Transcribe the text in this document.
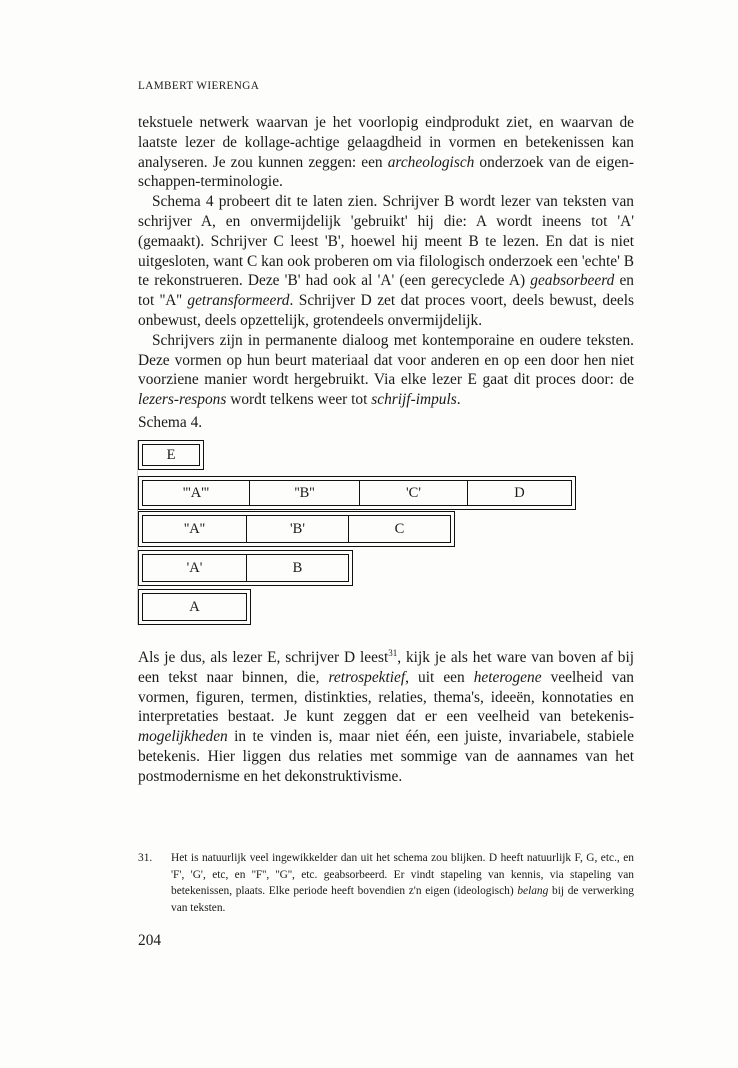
LAMBERT WIERENGA

tekstuele netwerk waarvan je het voorlopig eindprodukt ziet, en waarvan de laatste lezer de kollage-achtige gelaagdheid in vormen en betekenissen kan analyseren. Je zou kunnen zeggen: een archeologisch onderzoek van de eigen-schappen-terminologie.

Schema 4 probeert dit te laten zien. Schrijver B wordt lezer van teksten van schrijver A, en onvermijdelijk 'gebruikt' hij die: A wordt ineens tot 'A' (gemaakt). Schrijver C leest 'B', hoewel hij meent B te lezen. En dat is niet uitgesloten, want C kan ook proberen om via filologisch onderzoek een 'echte' B te rekonstrueren. Deze 'B' had ook al 'A' (een gerecyclede A) geabsorbeerd en tot ''A'' getransformeerd. Schrijver D zet dat proces voort, deels bewust, deels onbewust, deels opzettelijk, grotendeels onvermijdelijk.

Schrijvers zijn in permanente dialoog met kontemporaine en oudere teksten. Deze vormen op hun beurt materiaal dat voor anderen en op een door hen niet voorziene manier wordt hergebruikt. Via elke lezer E gaat dit proces door: de lezers-respons wordt telkens weer tot schrijf-impuls.

Schema 4.
E
'''A'''	''B''	'C'	D
''A''	'B'	C
'A'	B
A

Als je dus, als lezer E, schrijver D leest$^{31}$, kijk je als het ware van boven af bij een tekst naar binnen, die, retrospektief, uit een heterogene veelheid van vormen, figuren, termen, distinkties, relaties, thema's, ideeën, konnotaties en interpretaties bestaat. Je kunt zeggen dat er een veelheid van betekenis-mogelijkheden in te vinden is, maar niet één, een juiste, invariabele, stabiele betekenis. Hier liggen dus relaties met sommige van de aannames van het postmodernisme en het dekonstruktivisme.

31.	Het is natuurlijk veel ingewikkelder dan uit het schema zou blijken. D heeft natuurlijk F, G, etc., en 'F', 'G', etc, en ''F'', ''G'', etc. geabsorbeerd. Er vindt stapeling van kennis, via stapeling van betekenissen, plaats. Elke periode heeft bovendien z'n eigen (ideologisch) belang bij de verwerking van teksten.
204
